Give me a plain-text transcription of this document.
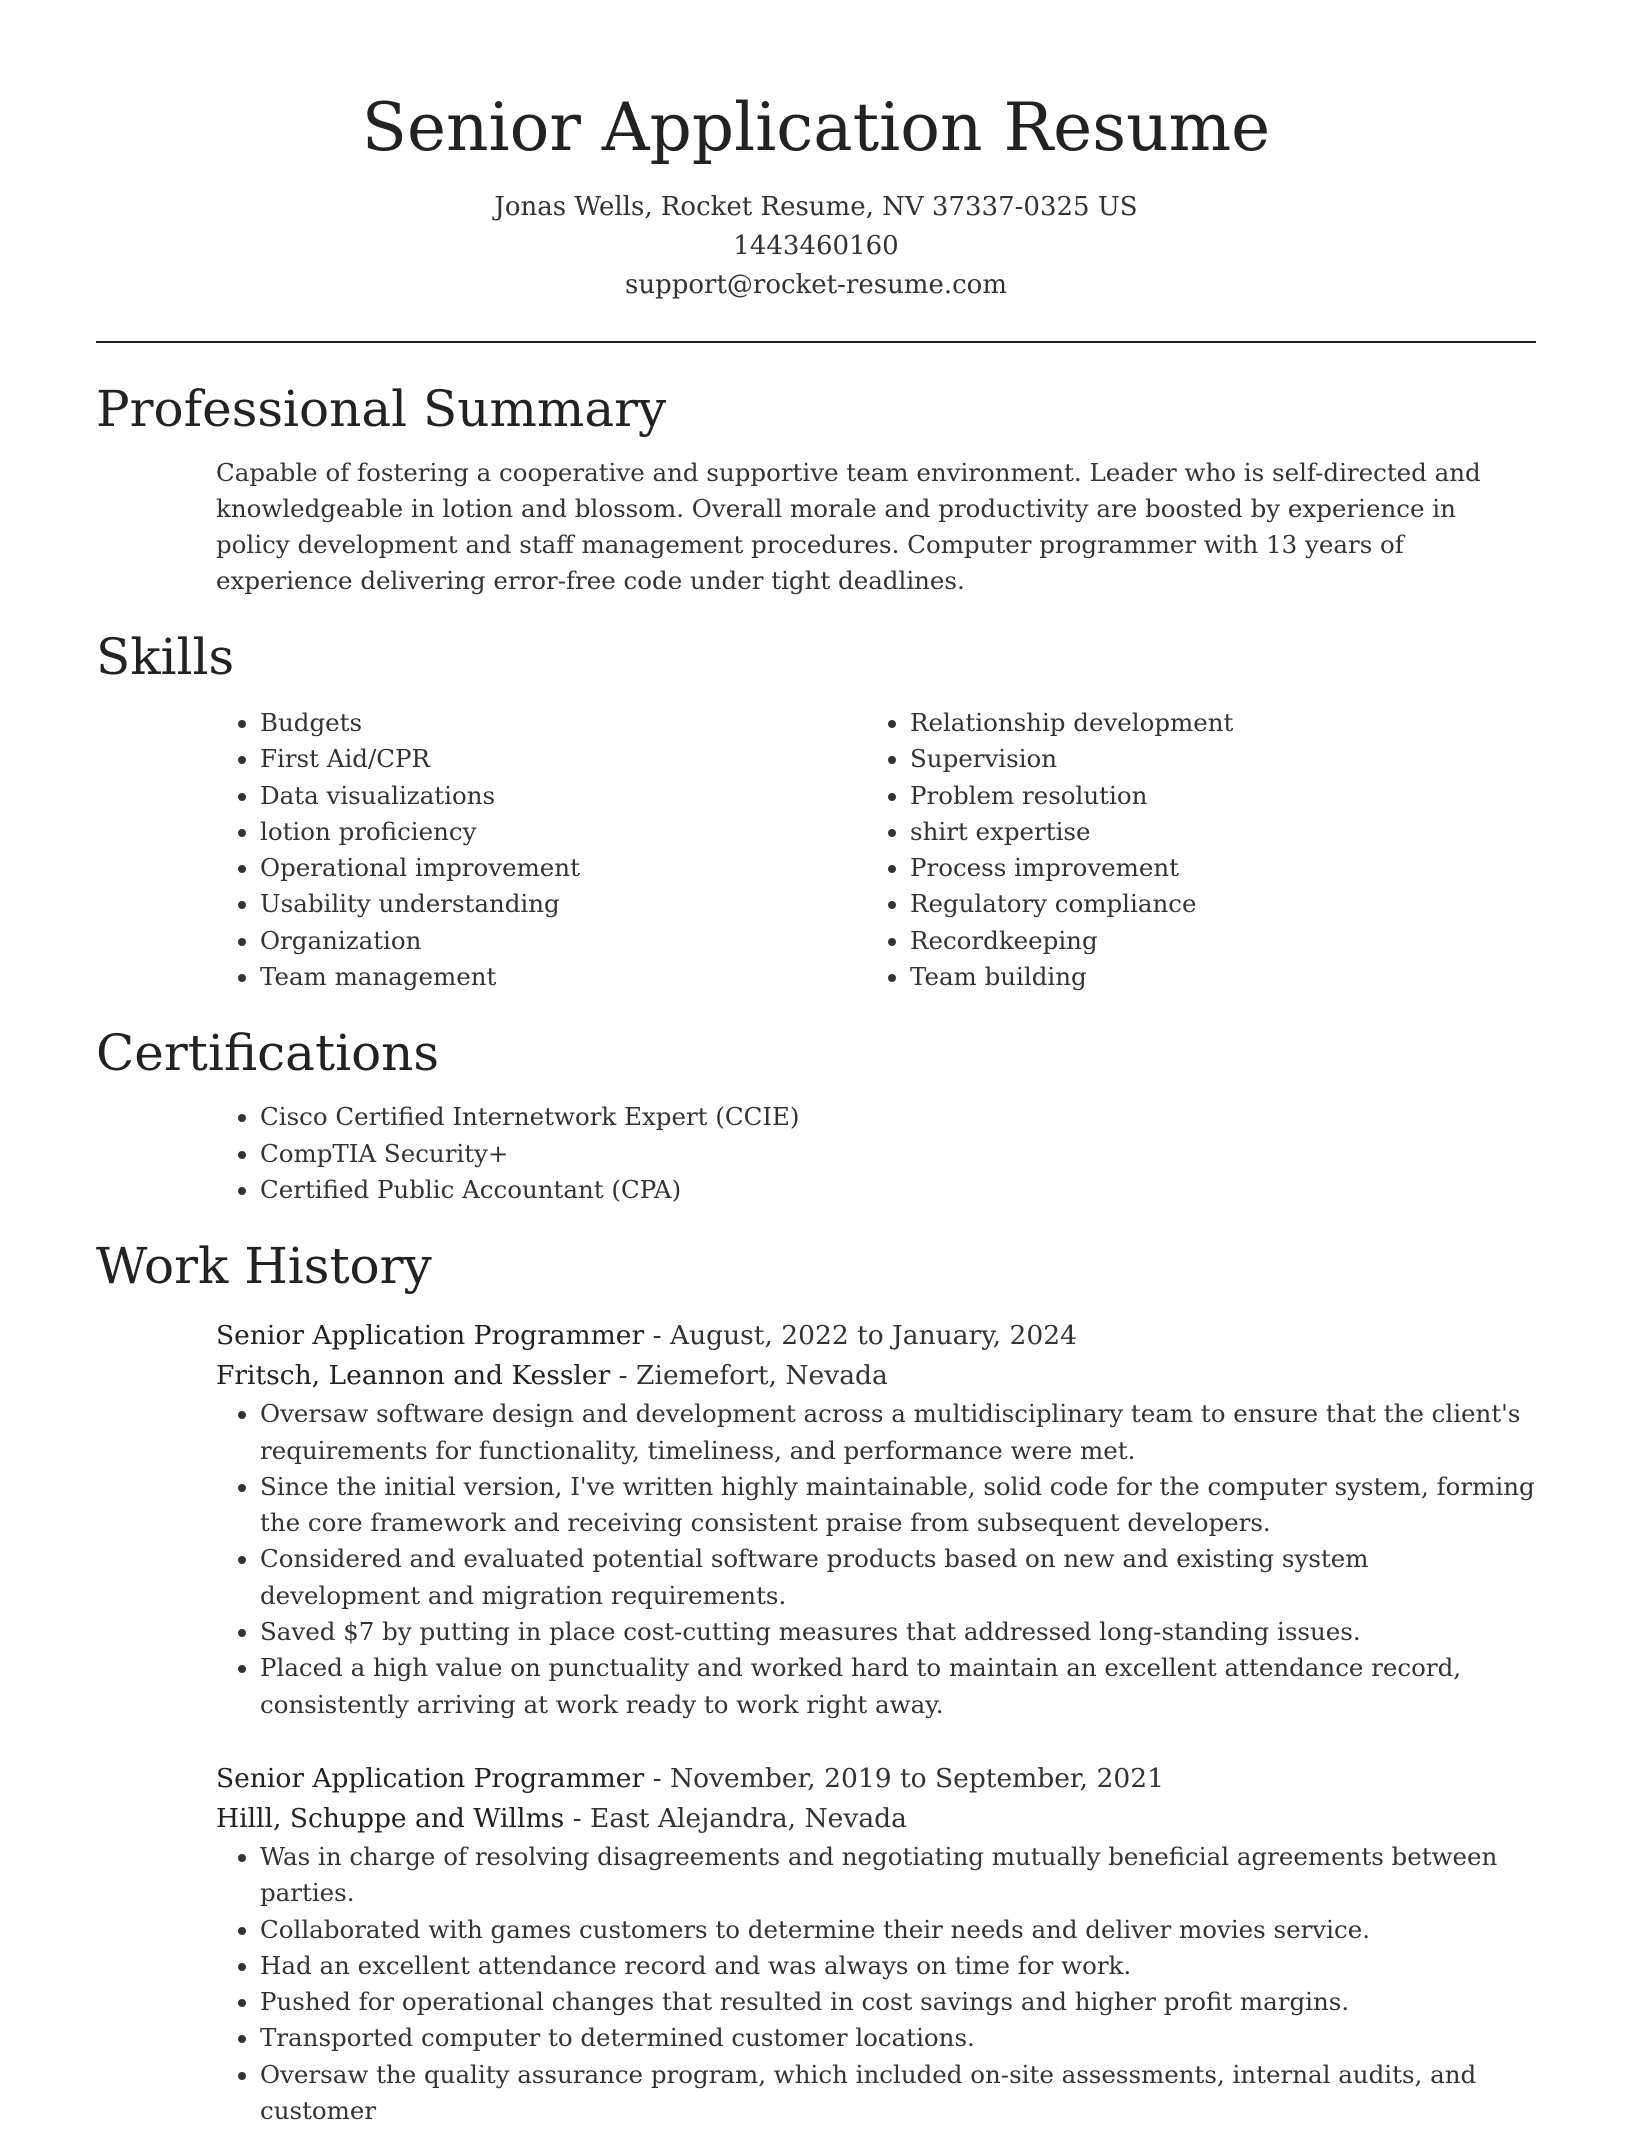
Senior Application Resume
Jonas Wells, Rocket Resume, NV 37337-0325 US
1443460160
support@rocket-resume.com
Professional Summary

Capable of fostering a cooperative and supportive team environment. Leader who is self-directed and knowledgeable in lotion and blossom. Overall morale and productivity are boosted by experience in policy development and staff management procedures. Computer programmer with 13 years of experience delivering error-free code under tight deadlines.

Skills
• Budgets
• First Aid/CPR
• Data visualizations
• lotion proficiency
• Operational improvement
• Usability understanding
• Organization
• Team management
• Relationship development
• Supervision
• Problem resolution
• shirt expertise
• Process improvement
• Regulatory compliance
• Recordkeeping
• Team building
Certifications
• Cisco Certified Internetwork Expert (CCIE)
• CompTIA Security+
• Certified Public Accountant (CPA)
Work History
Senior Application Programmer - August, 2022 to January, 2024
Fritsch, Leannon and Kessler - Ziemefort, Nevada
• Oversaw software design and development across a multidisciplinary team to ensure that the client's requirements for functionality, timeliness, and performance were met.
• Since the initial version, I've written highly maintainable, solid code for the computer system, forming the core framework and receiving consistent praise from subsequent developers.
• Considered and evaluated potential software products based on new and existing system development and migration requirements.
• Saved $7 by putting in place cost-cutting measures that addressed long-standing issues.
• Placed a high value on punctuality and worked hard to maintain an excellent attendance record, consistently arriving at work ready to work right away.
Senior Application Programmer - November, 2019 to September, 2021
Hilll, Schuppe and Willms - East Alejandra, Nevada
• Was in charge of resolving disagreements and negotiating mutually beneficial agreements between parties.
• Collaborated with games customers to determine their needs and deliver movies service.
• Had an excellent attendance record and was always on time for work.
• Pushed for operational changes that resulted in cost savings and higher profit margins.
• Transported computer to determined customer locations.
• Oversaw the quality assurance program, which included on-site assessments, internal audits, and customer
